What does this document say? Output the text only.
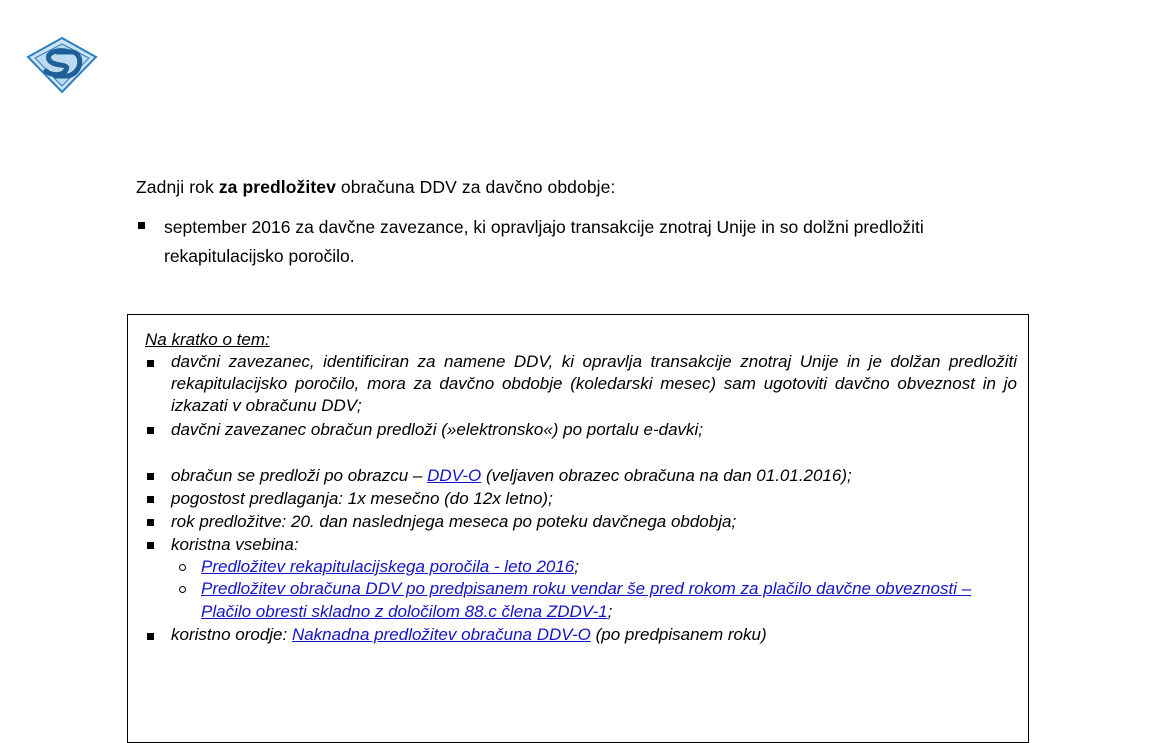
Zadnji rok za predložitev obračuna DDV za davčno obdobje:

september 2016 za davčne zavezance, ki opravljajo transakcije znotraj Unije in so dolžni predložiti rekapitulacijsko poročilo.
Na kratko o tem:
davčni zavezanec, identificiran za namene DDV, ki opravlja transakcije znotraj Unije in je dolžan predložiti rekapitulacijsko poročilo, mora za davčno obdobje (koledarski mesec) sam ugotoviti davčno obveznost in jo izkazati v obračunu DDV;
davčni zavezanec obračun predloži (»elektronsko«) po portalu e-davki;
obračun se predloži po obrazcu – DDV-O (veljaven obrazec obračuna na dan 01.01.2016);
pogostost predlaganja: 1x mesečno (do 12x letno);
rok predložitve: 20. dan naslednjega meseca po poteku davčnega obdobja;
koristna vsebina:
Predložitev rekapitulacijskega poročila - leto 2016;
Predložitev obračuna DDV po predpisanem roku vendar še pred rokom za plačilo davčne obveznosti – Plačilo obresti skladno z določilom 88.c člena ZDDV-1;
koristno orodje: Naknadna predložitev obračuna DDV-O (po predpisanem roku)
